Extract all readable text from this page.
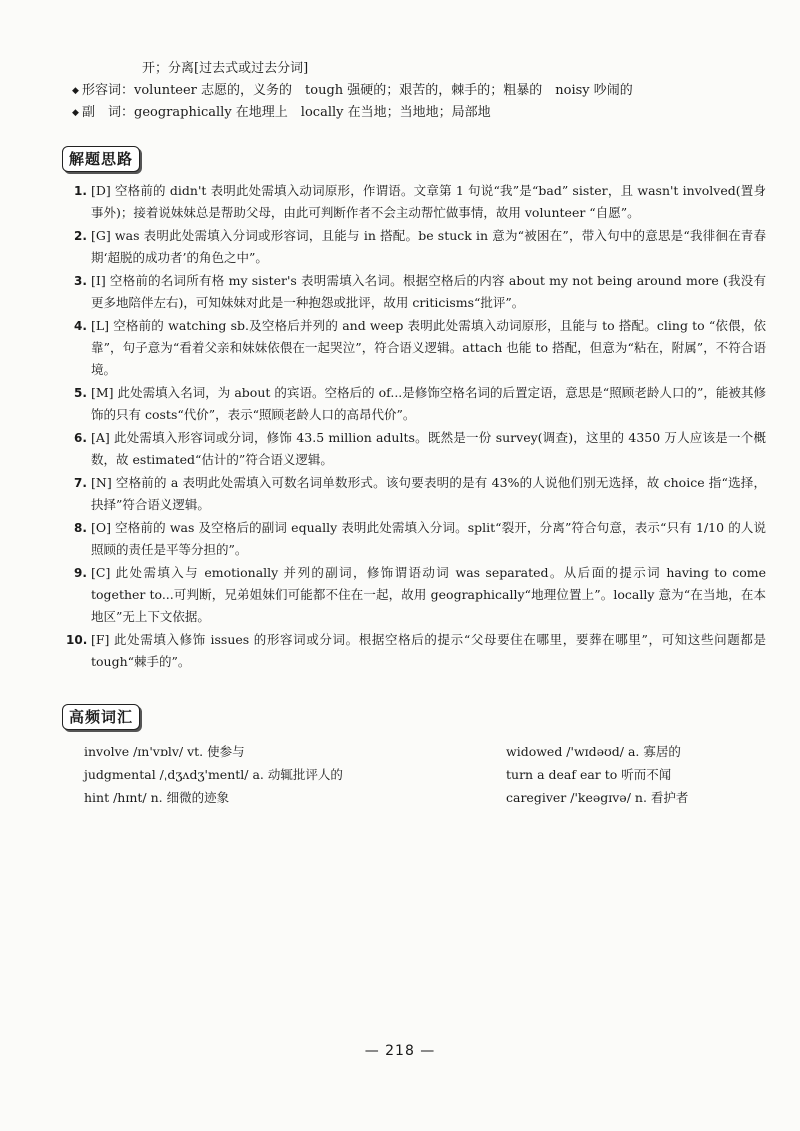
开；分离[过去式或过去分词]
◆ 形容词：volunteer 志愿的，义务的　tough 强硬的；艰苦的，棘手的；粗暴的　noisy 吵闹的
◆ 副　词：geographically 在地理上　locally 在当地；当地地；局部地
解题思路
1. [D] 空格前的 didn't 表明此处需填入动词原形，作谓语。文章第 1 句说“我”是“bad” sister，且 wasn't involved(置身事外)；接着说妹妹总是帮助父母，由此可判断作者不会主动帮忙做事情，故用 volunteer “自愿”。
2. [G] was 表明此处需填入分词或形容词，且能与 in 搭配。be stuck in 意为“被困在”，带入句中的意思是“我徘徊在青春期‘超脱的成功者’的角色之中”。
3. [I] 空格前的名词所有格 my sister's 表明需填入名词。根据空格后的内容 about my not being around more (我没有更多地陪伴左右)，可知妹妹对此是一种抱怨或批评，故用 criticisms“批评”。
4. [L] 空格前的 watching sb.及空格后并列的 and weep 表明此处需填入动词原形，且能与 to 搭配。cling to “依偎，依靠”，句子意为“看着父亲和妹妹依偎在一起哭泣”，符合语义逻辑。attach 也能 to 搭配，但意为“粘在，附属”，不符合语境。
5. [M] 此处需填入名词，为 about 的宾语。空格后的 of...是修饰空格名词的后置定语，意思是“照顾老龄人口的”，能被其修饰的只有 costs“代价”，表示“照顾老龄人口的高昂代价”。
6. [A] 此处需填入形容词或分词，修饰 43.5 million adults。既然是一份 survey(调查)，这里的 4350 万人应该是一个概数，故 estimated“估计的”符合语义逻辑。
7. [N] 空格前的 a 表明此处需填入可数名词单数形式。该句要表明的是有 43%的人说他们别无选择，故 choice 指“选择，抉择”符合语义逻辑。
8. [O] 空格前的 was 及空格后的副词 equally 表明此处需填入分词。split“裂开，分离”符合句意，表示“只有 1/10 的人说照顾的责任是平等分担的”。
9. [C] 此处需填入与 emotionally 并列的副词，修饰谓语动词 was separated。从后面的提示词 having to come together to...可判断，兄弟姐妹们可能都不住在一起，故用 geographically“地理位置上”。locally 意为“在当地，在本地区”无上下文依据。
10. [F] 此处需填入修饰 issues 的形容词或分词。根据空格后的提示“父母要住在哪里，要葬在哪里”，可知这些问题都是 tough“棘手的”。
高频词汇
involve /ɪn'vɒlv/ vt. 使参与
judgmental /ˌdʒʌdʒ'mentl/ a. 动辄批评人的
hint /hɪnt/ n. 细微的迹象
widowed /'wɪdəʊd/ a. 寡居的
turn a deaf ear to 听而不闻
caregiver /'keəgɪvə/ n. 看护者
— 218 —
